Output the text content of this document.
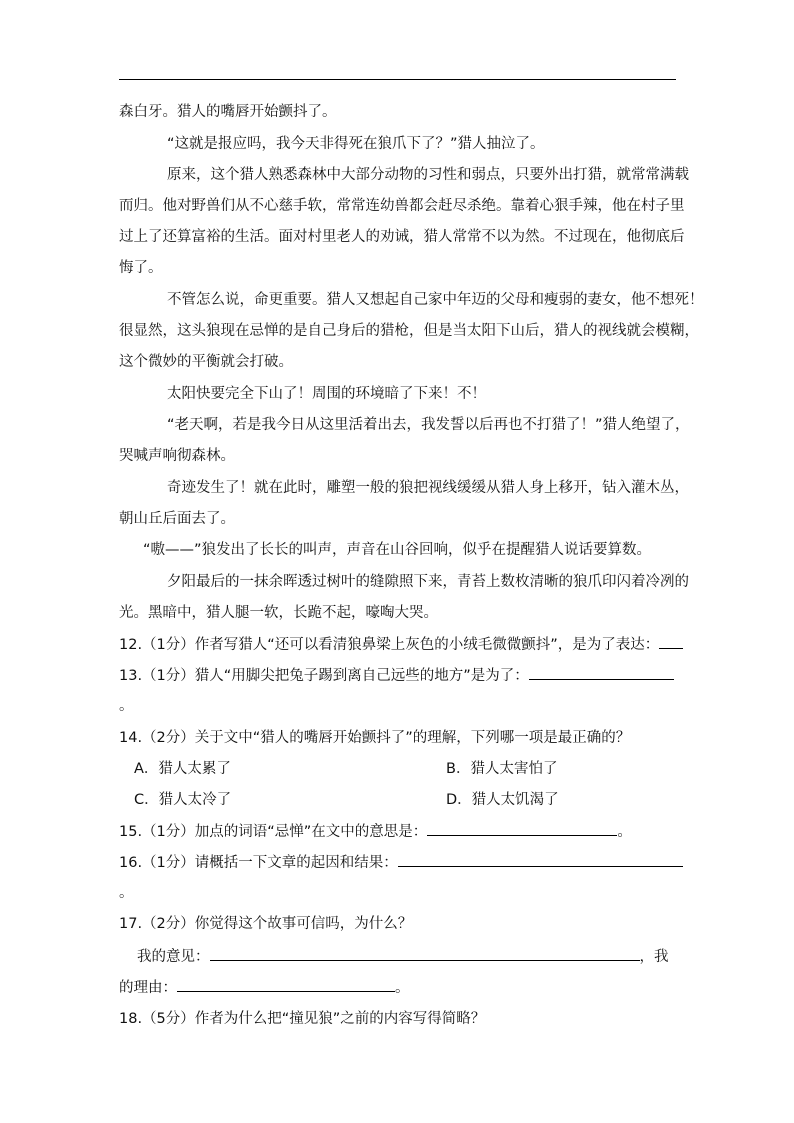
森白牙。猎人的嘴唇开始颤抖了。
“这就是报应吗，我今天非得死在狼爪下了？”猎人抽泣了。
原来，这个猎人熟悉森林中大部分动物的习性和弱点，只要外出打猎，就常常满载
而归。他对野兽们从不心慈手软，常常连幼兽都会赶尽杀绝。靠着心狠手辣，他在村子里
过上了还算富裕的生活。面对村里老人的劝诫，猎人常常不以为然。不过现在，他彻底后
悔了。
不管怎么说，命更重要。猎人又想起自己家中年迈的父母和瘦弱的妻女，他不想死！
很显然，这头狼现在忌惮的是自己身后的猎枪，但是当太阳下山后，猎人的视线就会模糊，
这个微妙的平衡就会打破。
太阳快要完全下山了！周围的环境暗了下来！不！
“老天啊，若是我今日从这里活着出去，我发誓以后再也不打猎了！”猎人绝望了，
哭喊声响彻森林。
奇迹发生了！就在此时，雕塑一般的狼把视线缓缓从猎人身上移开，钻入灌木丛，
朝山丘后面去了。
“嗷——”狼发出了长长的叫声，声音在山谷回响，似乎在提醒猎人说话要算数。
夕阳最后的一抹余晖透过树叶的缝隙照下来，青苔上数枚清晰的狼爪印闪着冷冽的
光。黑暗中，猎人腿一软，长跪不起，嚎啕大哭。
12.（1分）作者写猎人“还可以看清狼鼻梁上灰色的小绒毛微微颤抖”，是为了表达：
13.（1分）猎人“用脚尖把兔子踢到离自己远些的地方”是为了：
。
14.（2分）关于文中“猎人的嘴唇开始颤抖了”的理解，下列哪一项是最正确的？
A．猎人太累了	B．猎人太害怕了
C．猎人太冷了	D．猎人太饥渴了
15.（1分）加点的词语“忌惮”在文中的意思是：	。
16.（1分）请概括一下文章的起因和结果：
。
17.（2分）你觉得这个故事可信吗，为什么？
我的意见：	，我
的理由：	。
18.（5分）作者为什么把“撞见狼”之前的内容写得简略？
